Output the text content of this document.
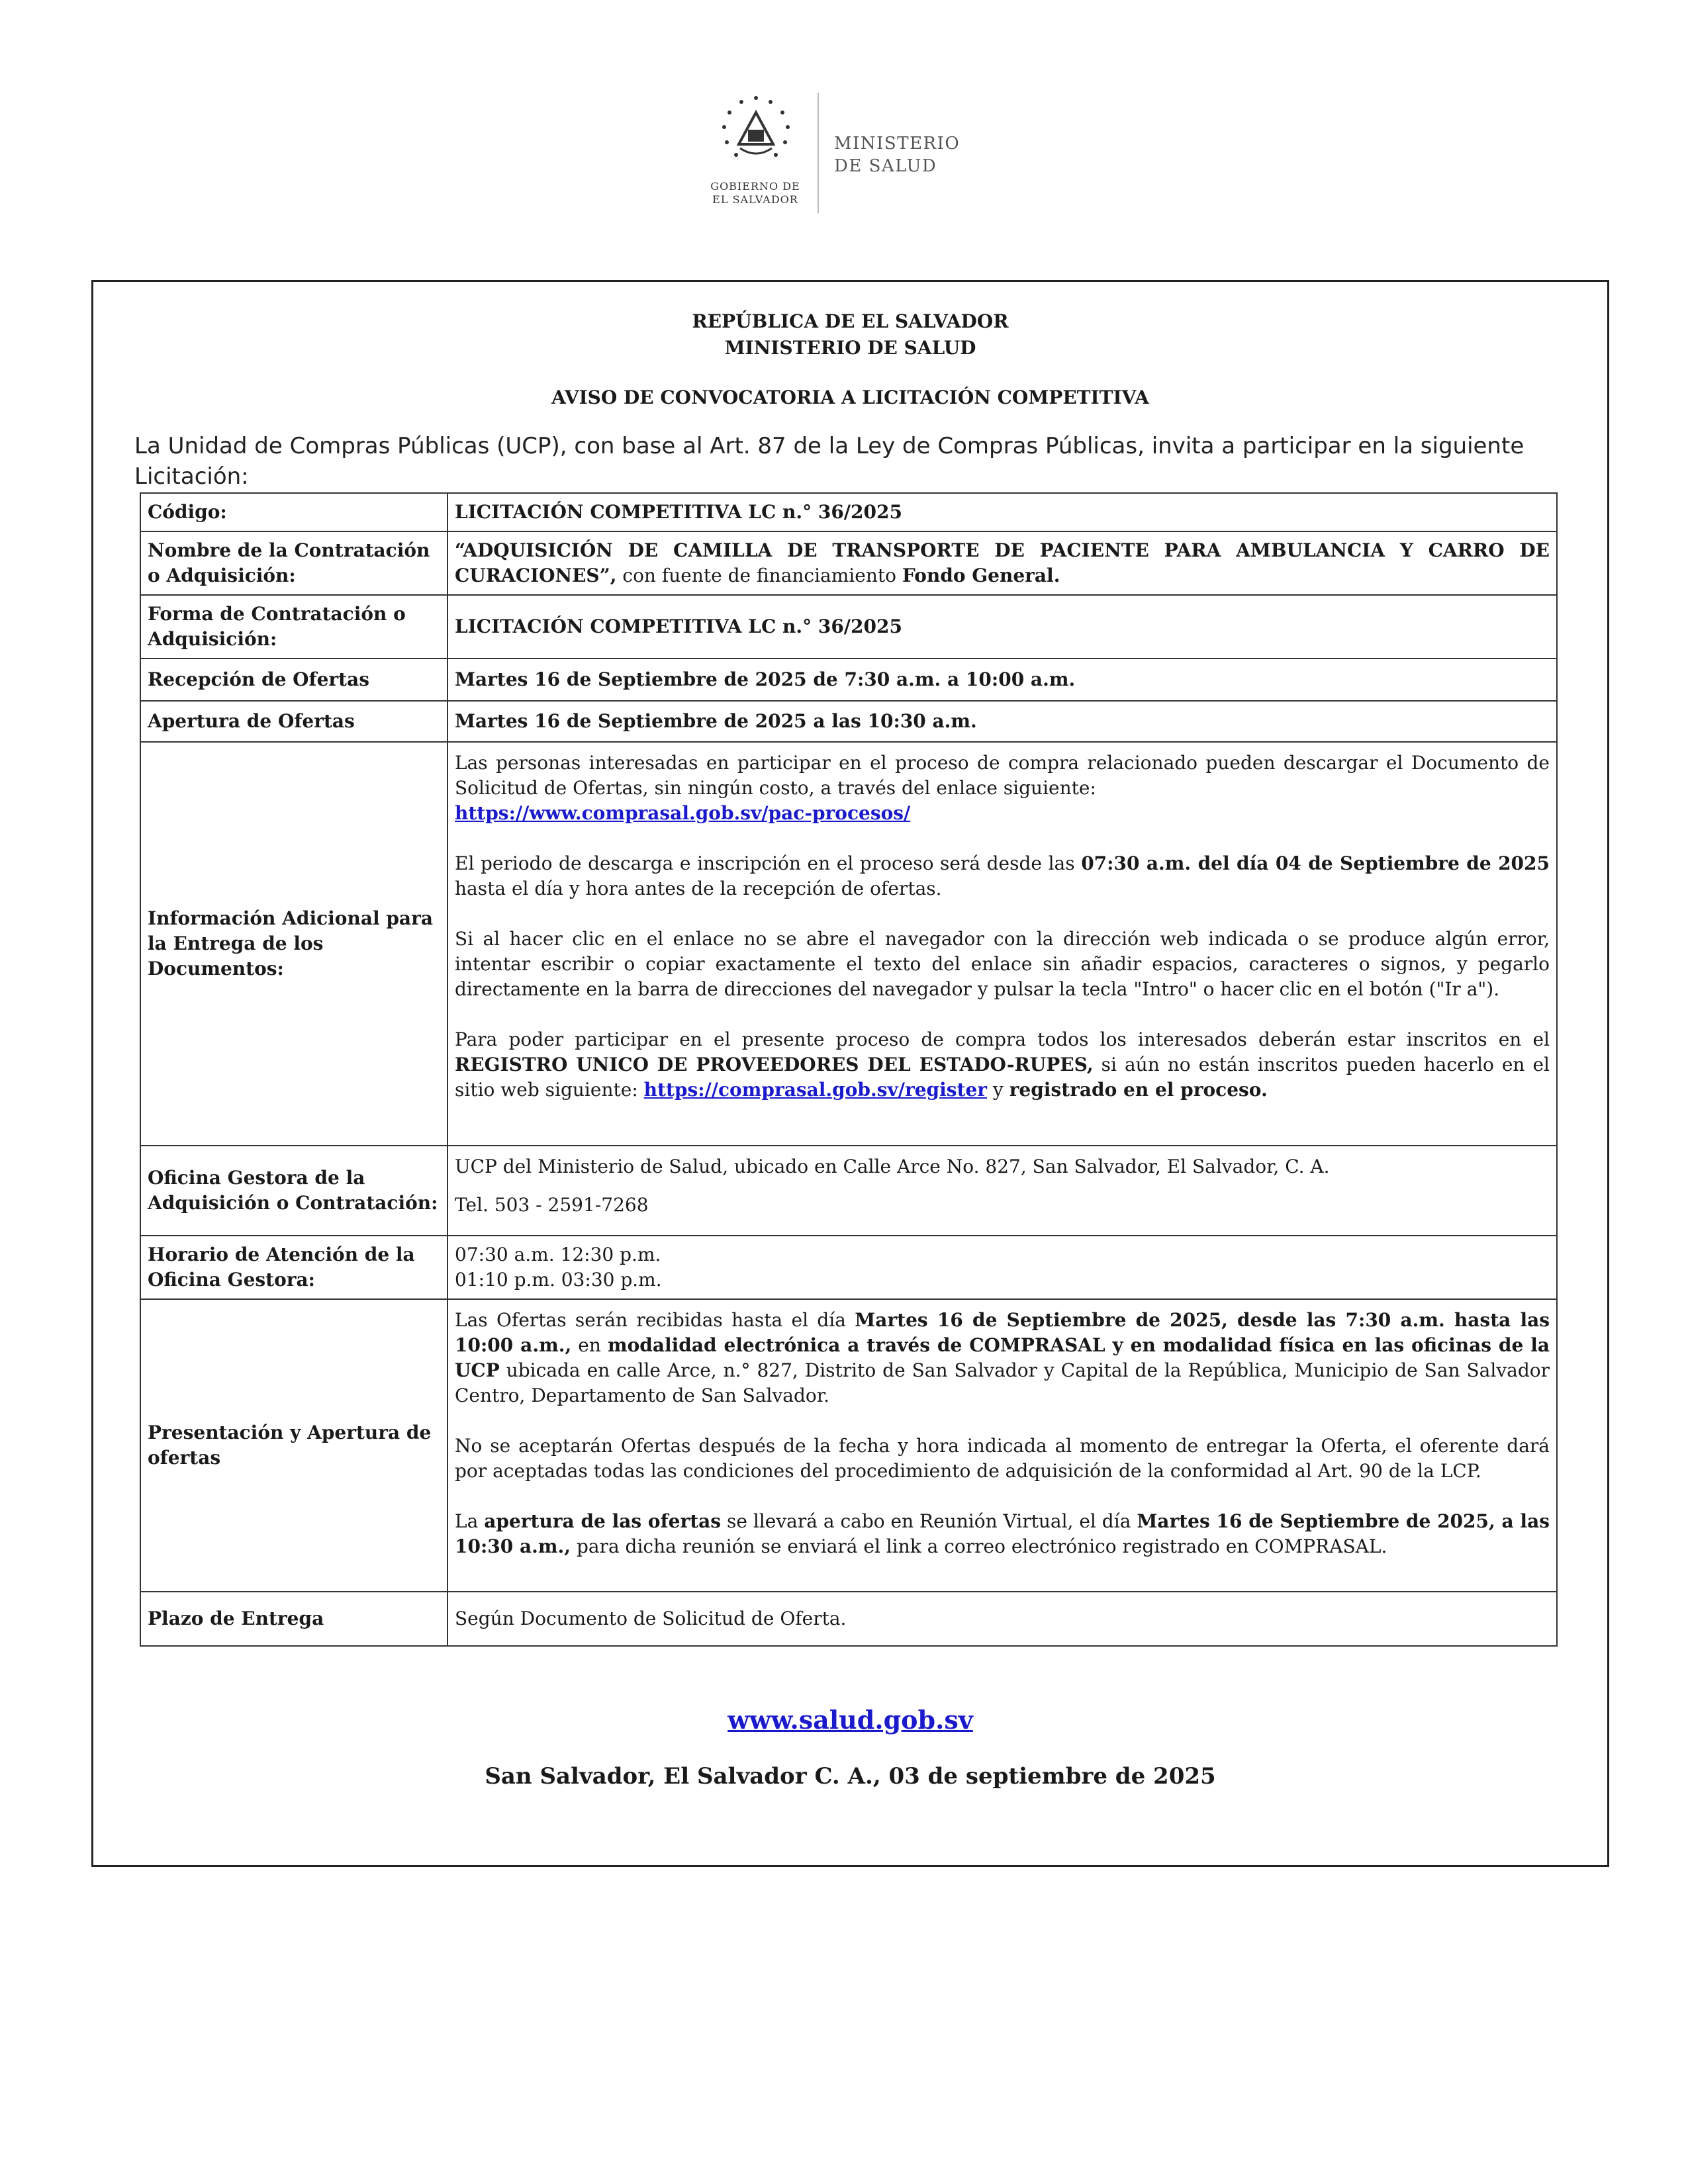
GOBIERNO DE
EL SALVADOR
MINISTERIO
DE SALUD
REPÚBLICA DE EL SALVADOR
MINISTERIO DE SALUD
AVISO DE CONVOCATORIA A LICITACIÓN COMPETITIVA
La Unidad de Compras Públicas (UCP), con base al Art. 87 de la Ley de Compras Públicas, invita a participar en la siguiente Licitación:
Código:	LICITACIÓN COMPETITIVA LC n.° 36/2025
Nombre de la Contratación o Adquisición:	“ADQUISICIÓN DE CAMILLA DE TRANSPORTE DE PACIENTE PARA AMBULANCIA Y CARRO DE CURACIONES”, con fuente de financiamiento Fondo General.
Forma de Contratación o Adquisición:	LICITACIÓN COMPETITIVA LC n.° 36/2025
Recepción de Ofertas	Martes 16 de Septiembre de 2025 de 7:30 a.m. a 10:00 a.m.
Apertura de Ofertas	Martes 16 de Septiembre de 2025 a las 10:30 a.m.
Información Adicional para la Entrega de los Documentos:	Las personas interesadas en participar en el proceso de compra relacionado pueden descargar el Documento de Solicitud de Ofertas, sin ningún costo, a través del enlace siguiente:
https://www.comprasal.gob.sv/pac-procesos/
El periodo de descarga e inscripción en el proceso será desde las 07:30 a.m. del día 04 de Septiembre de 2025 hasta el día y hora antes de la recepción de ofertas.
Si al hacer clic en el enlace no se abre el navegador con la dirección web indicada o se produce algún error, intentar escribir o copiar exactamente el texto del enlace sin añadir espacios, caracteres o signos, y pegarlo directamente en la barra de direcciones del navegador y pulsar la tecla "Intro" o hacer clic en el botón ("Ir a").
Para poder participar en el presente proceso de compra todos los interesados deberán estar inscritos en el REGISTRO UNICO DE PROVEEDORES DEL ESTADO-RUPES, si aún no están inscritos pueden hacerlo en el sitio web siguiente: https://comprasal.gob.sv/register y registrado en el proceso.

Oficina Gestora de la Adquisición o Contratación:	UCP del Ministerio de Salud, ubicado en Calle Arce No. 827, San Salvador, El Salvador, C. A.
Tel. 503 - 2591-7268

Horario de Atención de la Oficina Gestora:	07:30 a.m. 12:30 p.m.
01:10 p.m. 03:30 p.m.

Presentación y Apertura de ofertas	Las Ofertas serán recibidas hasta el día Martes 16 de Septiembre de 2025, desde las 7:30 a.m. hasta las 10:00 a.m., en modalidad electrónica a través de COMPRASAL y en modalidad física en las oficinas de la UCP ubicada en calle Arce, n.° 827, Distrito de San Salvador y Capital de la República, Municipio de San Salvador Centro, Departamento de San Salvador.
No se aceptarán Ofertas después de la fecha y hora indicada al momento de entregar la Oferta, el oferente dará por aceptadas todas las condiciones del procedimiento de adquisición de la conformidad al Art. 90 de la LCP.
La apertura de las ofertas se llevará a cabo en Reunión Virtual, el día Martes 16 de Septiembre de 2025, a las 10:30 a.m., para dicha reunión se enviará el link a correo electrónico registrado en COMPRASAL.

Plazo de Entrega	Según Documento de Solicitud de Oferta.
www.salud.gob.sv
San Salvador, El Salvador C. A., 03 de septiembre de 2025
